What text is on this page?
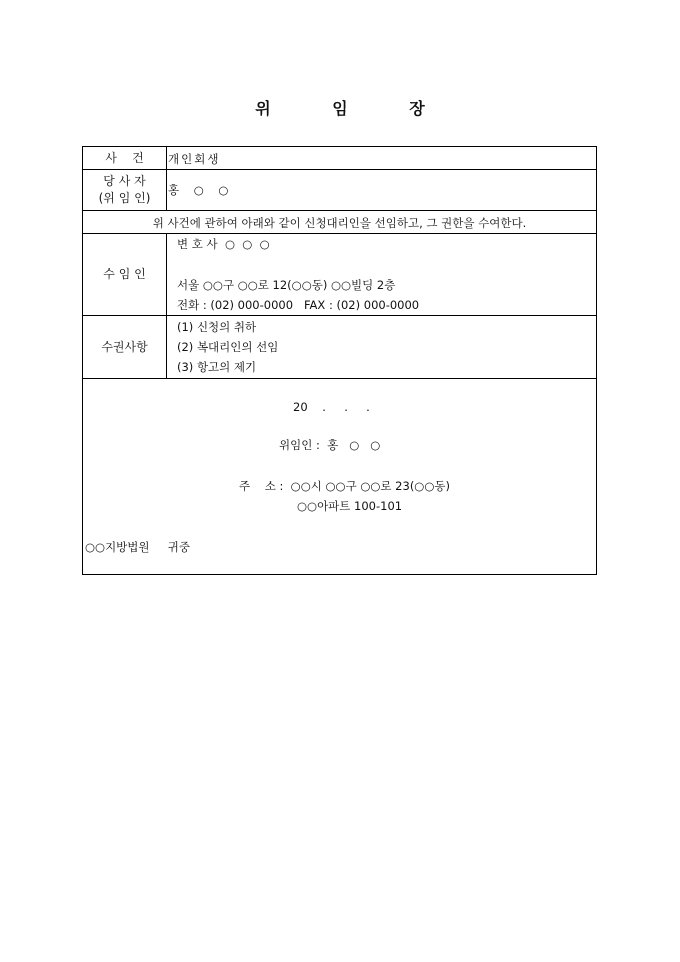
위 임 장
사    건 개인회생
당 사 자
(위 임 인)
홍    ○    ○
위 사건에 관하여 아래와 같이 신청대리인을 선임하고, 그 권한을 수여한다.
수 임 인
변 호 사  ○  ○  ○
서울 ○○구 ○○로 12(○○동) ○○빌딩 2층
전화 : (02) 000-0000   FAX : (02) 000-0000
수권사항
(1) 신청의 취하
(2) 복대리인의 선임
(3) 항고의 제기
20    .     .     .
위임인 :  홍   ○   ○
주    소 :  ○○시 ○○구 ○○로 23(○○동)
○○아파트 100-101
○○지방법원     귀중
